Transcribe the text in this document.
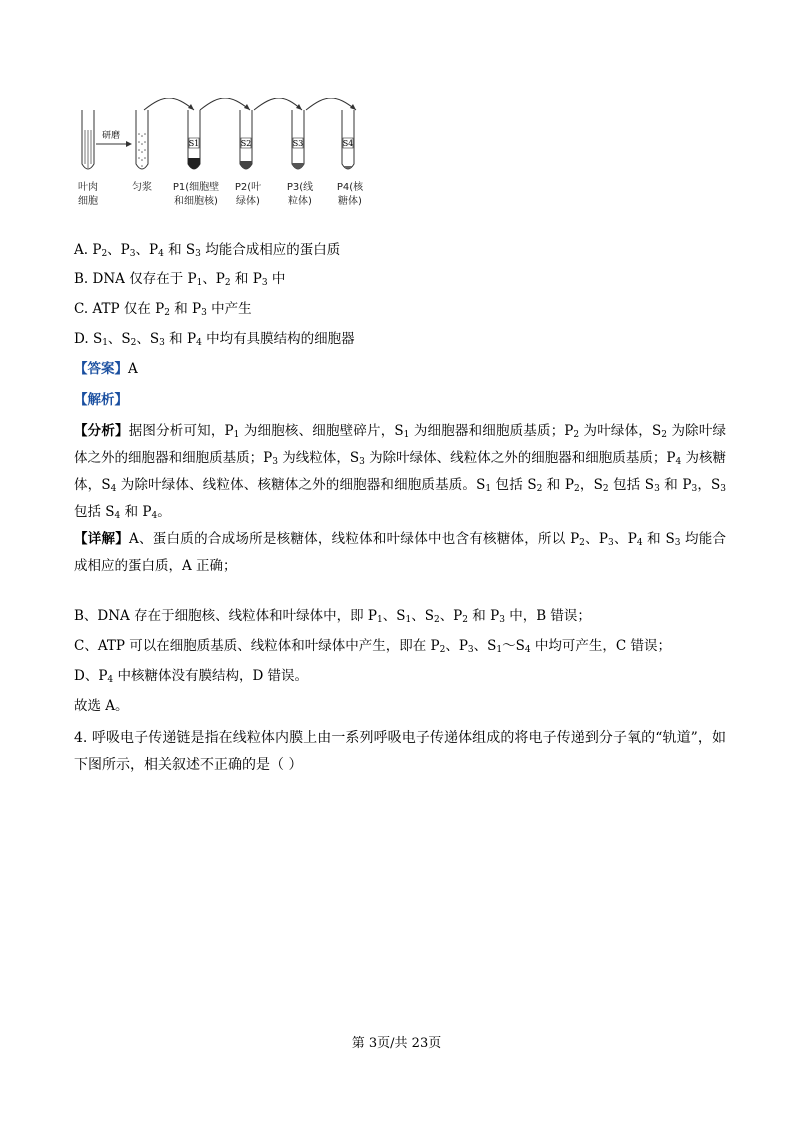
研磨
S1	S2	S3	S4
叶肉
细胞
匀浆 P1(细胞壁
和细胞核)
P2(叶
绿体)
P3(线
粒体)
P4(核
糖体)
A. $P_2$、$P_3$、$P_4$ 和 $S_3$ 均能合成相应的蛋白质
B. DNA 仅存在于 $P_1$、$P_2$ 和 $P_3$ 中
C. ATP 仅在 $P_2$ 和 $P_3$ 中产生
D. $S_1$、$S_2$、$S_3$ 和 $P_4$ 中均有具膜结构的细胞器
【答案】A
【解析】
【分析】据图分析可知，$P_1$ 为细胞核、细胞壁碎片，$S_1$ 为细胞器和细胞质基质；$P_2$ 为叶绿体，$S_2$ 为除叶绿体之外的细胞器和细胞质基质；$P_3$ 为线粒体，$S_3$ 为除叶绿体、线粒体之外的细胞器和细胞质基质；$P_4$ 为核糖体，$S_4$ 为除叶绿体、线粒体、核糖体之外的细胞器和细胞质基质。$S_1$ 包括 $S_2$ 和 $P_2$，$S_2$ 包括 $S_3$ 和 $P_3$，$S_3$ 包括 $S_4$ 和 $P_4$。
【详解】A、蛋白质的合成场所是核糖体，线粒体和叶绿体中也含有核糖体，所以 $P_2$、$P_3$、$P_4$ 和 $S_3$ 均能合成相应的蛋白质，A 正确；
B、DNA 存在于细胞核、线粒体和叶绿体中，即 $P_1$、$S_1$、$S_2$、$P_2$ 和 $P_3$ 中，B 错误；
C、ATP 可以在细胞质基质、线粒体和叶绿体中产生，即在 $P_2$、$P_3$、$S_1\sim S_4$ 中均可产生，C 错误；
D、$P_4$ 中核糖体没有膜结构，D 错误。
故选 A。
4. 呼吸电子传递链是指在线粒体内膜上由一系列呼吸电子传递体组成的将电子传递到分子氧的“轨道”，如下图所示，相关叙述不正确的是（ ）
第 3页/共 23页
